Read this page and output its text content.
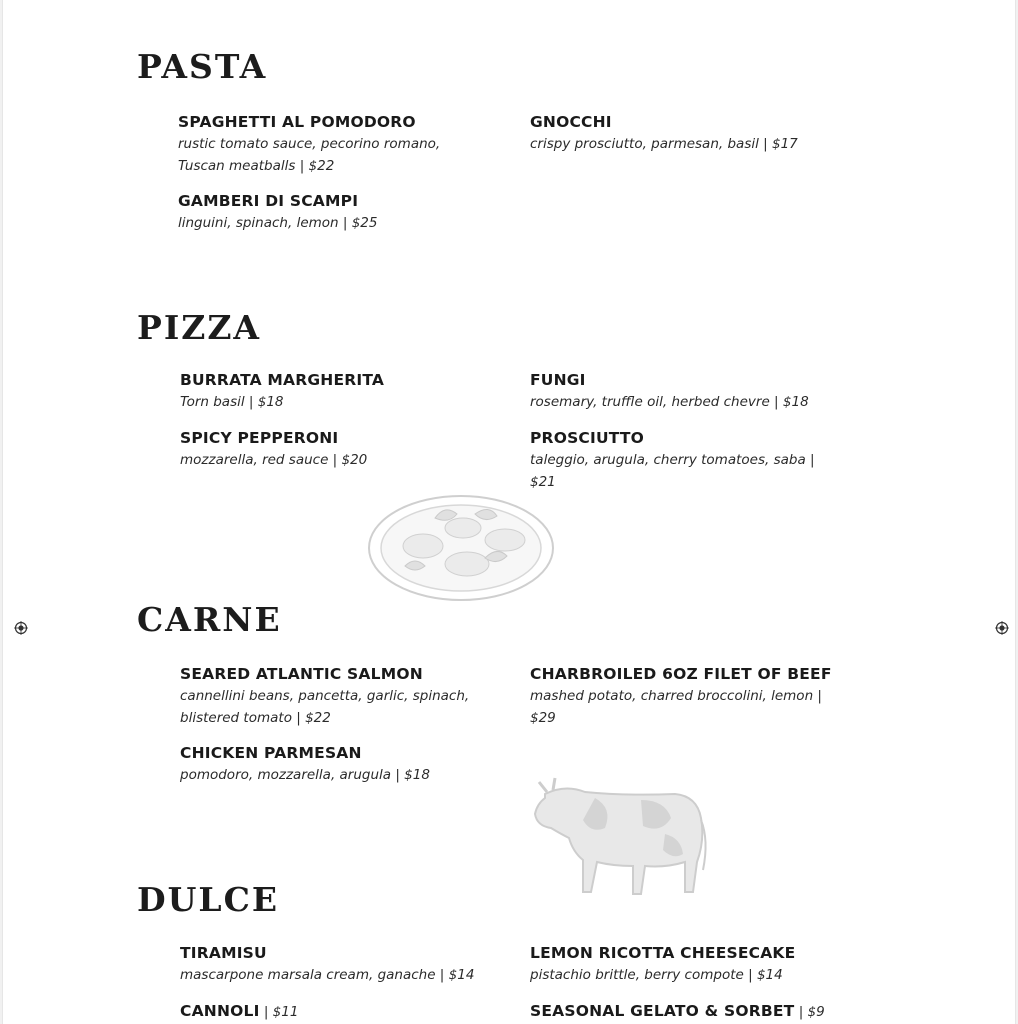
PASTA
SPAGHETTI AL POMODORO
rustic tomato sauce, pecorino romano, Tuscan meatballs | $22
GAMBERI DI SCAMPI
linguini, spinach, lemon | $25
GNOCCHI
crispy prosciutto, parmesan, basil | $17
PIZZA
BURRATA MARGHERITA
Torn basil | $18
SPICY PEPPERONI
mozzarella, red sauce | $20
FUNGI
rosemary, truffle oil, herbed chevre | $18
PROSCIUTTO
taleggio, arugula, cherry tomatoes, saba | $21
CARNE
SEARED ATLANTIC SALMON
cannellini beans, pancetta, garlic, spinach, blistered tomato | $22
CHICKEN PARMESAN
pomodoro, mozzarella, arugula | $18
CHARBROILED 6OZ FILET OF BEEF
mashed potato, charred broccolini, lemon | $29
DULCE
TIRAMISU
mascarpone marsala cream, ganache | $14
CANNOLI | $11
LEMON RICOTTA CHEESECAKE
pistachio brittle, berry compote | $14
SEASONAL GELATO & SORBET | $9
